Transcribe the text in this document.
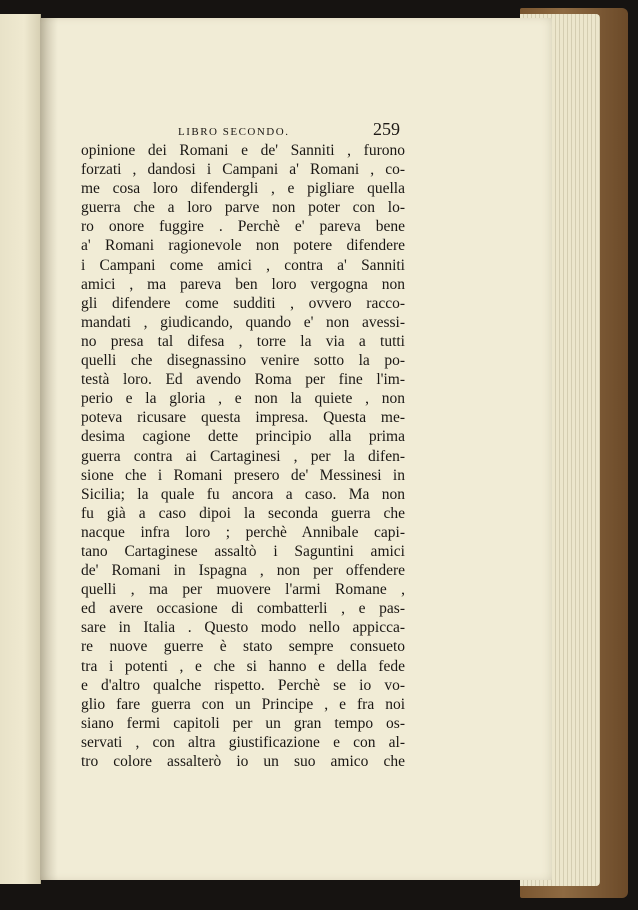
LIBRO SECONDO.	259
opinione dei Romani e de' Sanniti , furono
forzati , dandosi i Campani a' Romani , co-
me cosa loro difendergli , e pigliare quella
guerra che a loro parve non poter con lo-
ro onore fuggire . Perchè e' pareva bene
a' Romani ragionevole non potere difendere
i Campani come amici , contra a' Sanniti
amici , ma pareva ben loro vergogna non
gli difendere come sudditi , ovvero racco-
mandati , giudicando, quando e' non avessi-
no presa tal difesa , torre la via a tutti
quelli che disegnassino venire sotto la po-
testà loro. Ed avendo Roma per fine l'im-
perio e la gloria , e non la quiete , non
poteva ricusare questa impresa. Questa me-
desima cagione dette principio alla prima
guerra contra ai Cartaginesi , per la difen-
sione che i Romani presero de' Messinesi in
Sicilia; la quale fu ancora a caso. Ma non
fu già a caso dipoi la seconda guerra che
nacque infra loro ; perchè Annibale capi-
tano Cartaginese assaltò i Saguntini amici
de' Romani in Ispagna , non per offendere
quelli , ma per muovere l'armi Romane ,
ed avere occasione di combatterli , e pas-
sare in Italia . Questo modo nello appicca-
re nuove guerre è stato sempre consueto
tra i potenti , e che si hanno e della fede
e d'altro qualche rispetto. Perchè se io vo-
glio fare guerra con un Principe , e fra noi
siano fermi capitoli per un gran tempo os-
servati , con altra giustificazione e con al-
tro colore assalterò io un suo amico che
